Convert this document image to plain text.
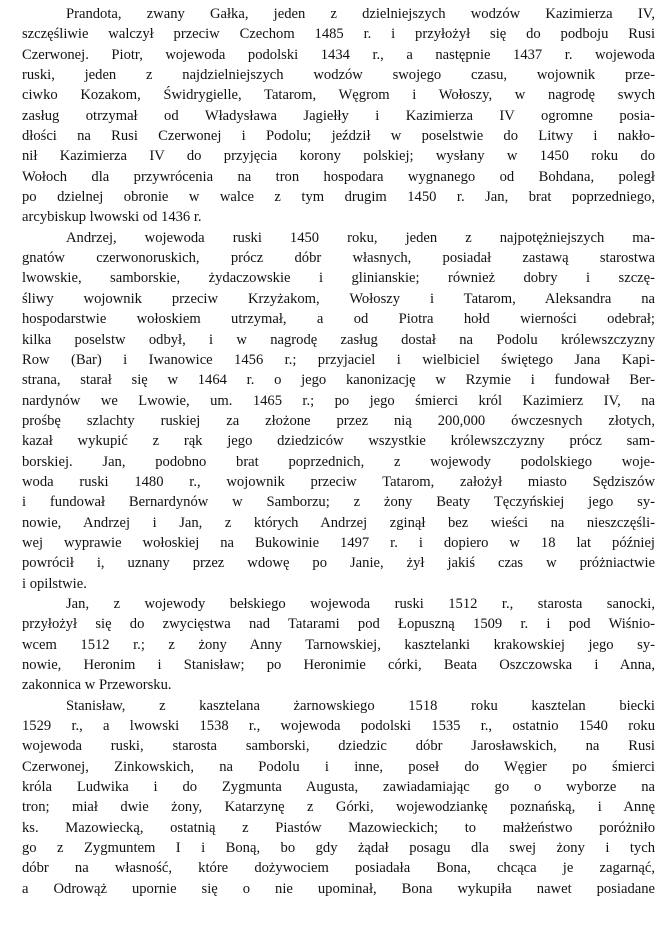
Prandota, zwany Gałka, jeden z dzielniejszych wodzów Kazimierza IV,
szczęśliwie walczył przeciw Czechom 1485 r. i przyłożył się do podboju Rusi
Czerwonej. Piotr, wojewoda podolski 1434 r., a następnie 1437 r. wojewoda
ruski, jeden z najdzielniejszych wodzów swojego czasu, wojownik prze-
ciwko Kozakom, Świdrygielle, Tatarom, Węgrom i Wołoszy, w nagrodę swych
zasług otrzymał od Władysława Jagiełły i Kazimierza IV ogromne posia-
dłości na Rusi Czerwonej i Podolu; jeździł w poselstwie do Litwy i nakło-
nił Kazimierza IV do przyjęcia korony polskiej; wysłany w 1450 roku do
Wołoch dla przywrócenia na tron hospodara wygnanego od Bohdana, poległ
po dzielnej obronie w walce z tym drugim 1450 r. Jan, brat poprzedniego,
arcybiskup lwowski od 1436 r.
Andrzej, wojewoda ruski 1450 roku, jeden z najpotężniejszych ma-
gnatów czerwonoruskich, prócz dóbr własnych, posiadał zastawą starostwa
lwowskie, samborskie, żydaczowskie i glinianskie; również dobry i szczę-
śliwy wojownik przeciw Krzyżakom, Wołoszy i Tatarom, Aleksandra na
hospodarstwie wołoskiem utrzymał, a od Piotra hołd wierności odebrał;
kilka poselstw odbył, i w nagrodę zasług dostał na Podolu królewszczyzny
Row (Bar) i Iwanowice 1456 r.; przyjaciel i wielbiciel świętego Jana Kapi-
strana, starał się w 1464 r. o jego kanonizację w Rzymie i fundował Ber-
nardynów we Lwowie, um. 1465 r.; po jego śmierci król Kazimierz IV, na
prośbę szlachty ruskiej za złożone przez nią 200,000 ówczesnych złotych,
kazał wykupić z rąk jego dziedziców wszystkie królewszczyzny prócz sam-
borskiej. Jan, podobno brat poprzednich, z wojewody podolskiego woje-
woda ruski 1480 r., wojownik przeciw Tatarom, założył miasto Sędziszów
i fundował Bernardynów w Samborzu; z żony Beaty Tęczyńskiej jego sy-
nowie, Andrzej i Jan, z których Andrzej zginął bez wieści na nieszczęśli-
wej wyprawie wołoskiej na Bukowinie 1497 r. i dopiero w 18 lat później
powrócił i, uznany przez wdowę po Janie, żył jakiś czas w próżniactwie
i opilstwie.
Jan, z wojewody bełskiego wojewoda ruski 1512 r., starosta sanocki,
przyłożył się do zwycięstwa nad Tatarami pod Łopuszną 1509 r. i pod Wiśnio-
wcem 1512 r.; z żony Anny Tarnowskiej, kasztelanki krakowskiej jego sy-
nowie, Heronim i Stanisław; po Heronimie córki, Beata Oszczowska i Anna,
zakonnica w Przeworsku.
Stanisław, z kasztelana żarnowskiego 1518 roku kasztelan biecki
1529 r., a lwowski 1538 r., wojewoda podolski 1535 r., ostatnio 1540 roku
wojewoda ruski, starosta samborski, dziedzic dóbr Jarosławskich, na Rusi
Czerwonej, Zinkowskich, na Podolu i inne, poseł do Węgier po śmierci
króla Ludwika i do Zygmunta Augusta, zawiadamiając go o wyborze na
tron; miał dwie żony, Katarzynę z Górki, wojewodziankę poznańską, i Annę
ks. Mazowiecką, ostatnią z Piastów Mazowieckich; to małżeństwo poróżniło
go z Zygmuntem I i Boną, bo gdy żądał posagu dla swej żony i tych
dóbr na własność, które dożywociem posiadała Bona, chcąca je zagarnąć,
a Odrowąż upornie się o nie upominał, Bona wykupiła nawet posiadane
